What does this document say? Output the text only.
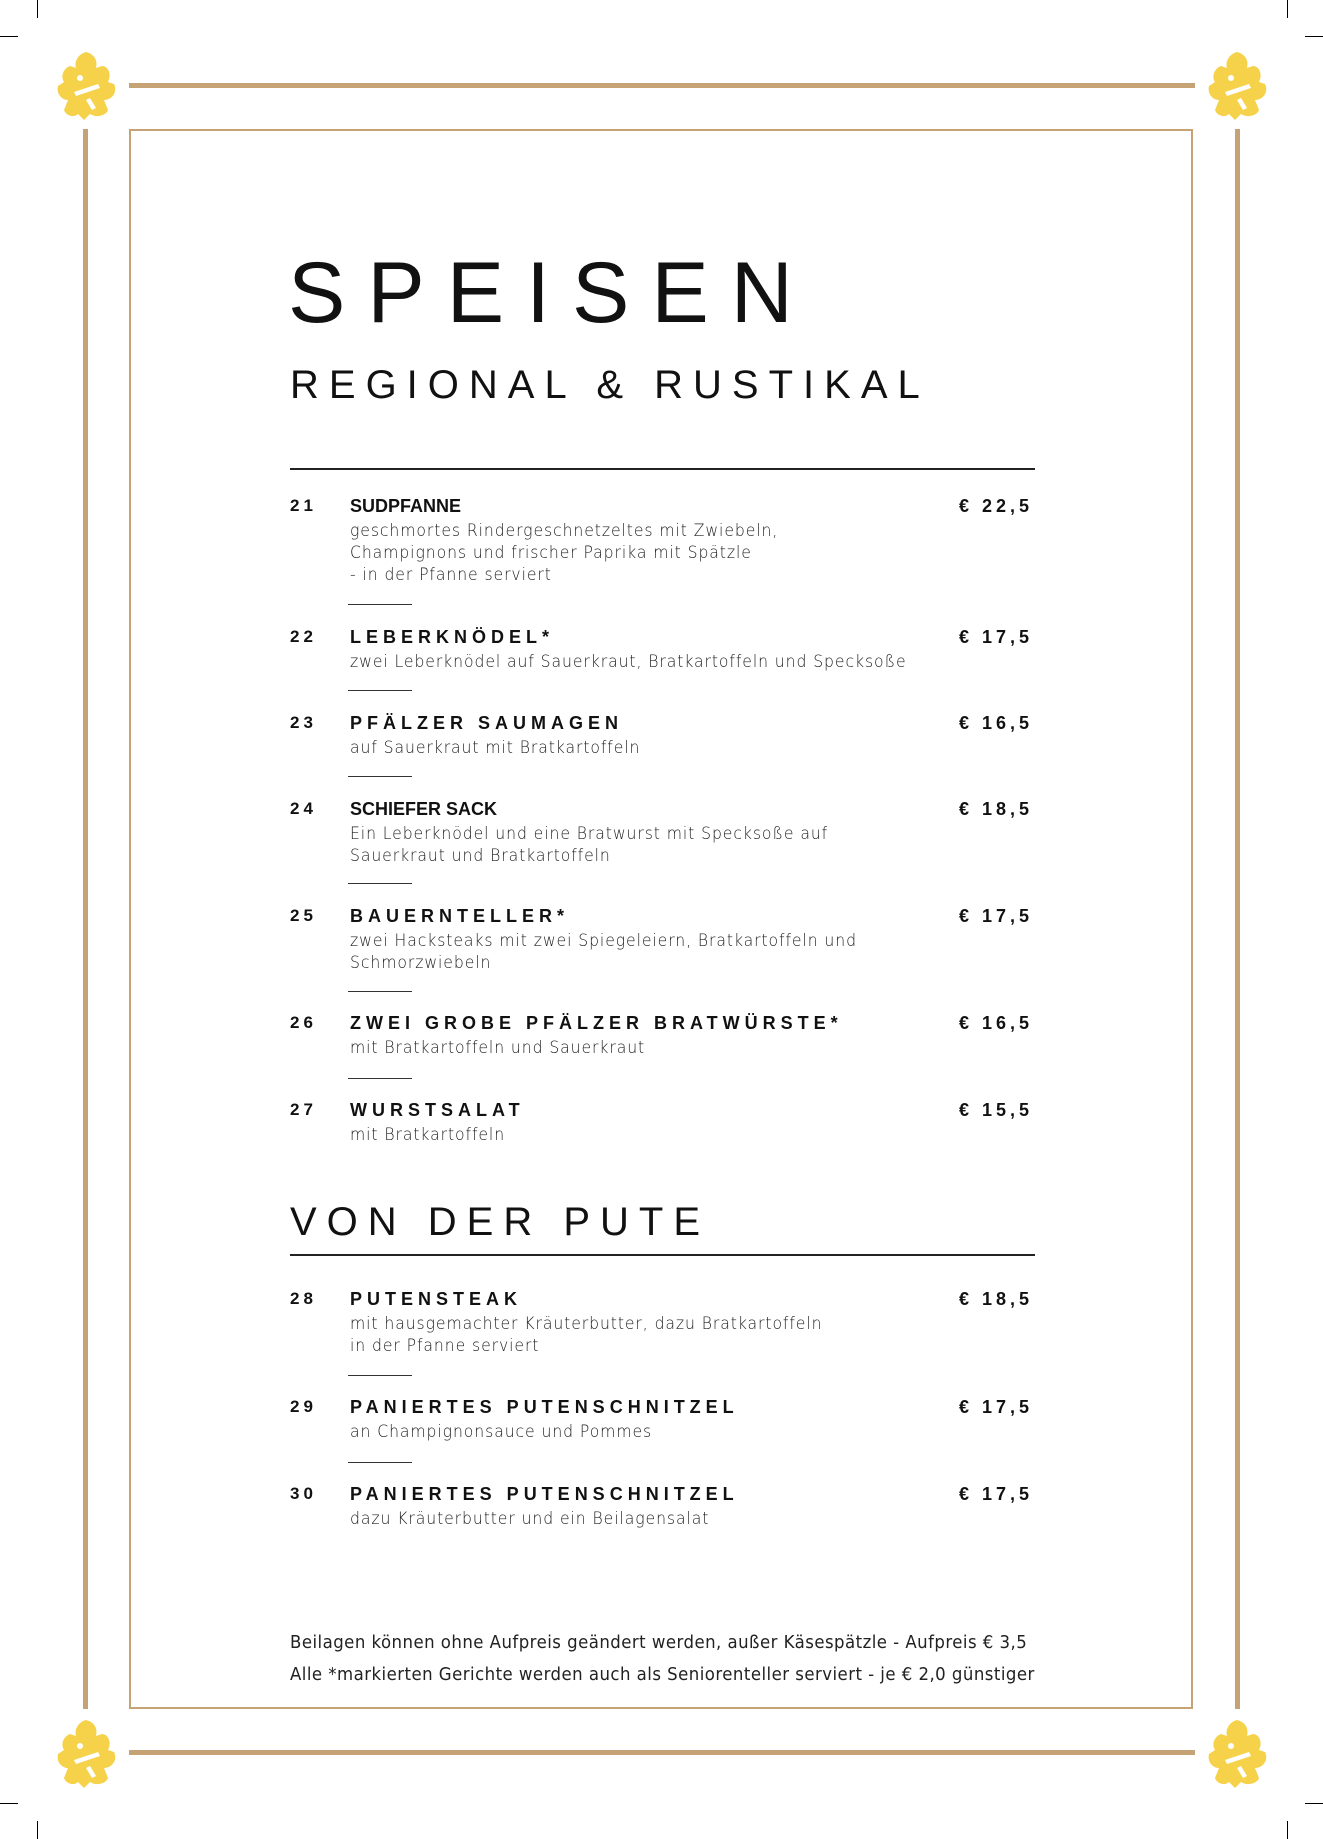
SPEISEN
REGIONAL & RUSTIKAL
21 SUDPFANNE	€ 22,5
geschmortes Rindergeschnetzeltes mit Zwiebeln,
Champignons und frischer Paprika mit Spätzle
- in der Pfanne serviert
22 LEBERKNÖDEL*	€ 17,5
zwei Leberknödel auf Sauerkraut, Bratkartoffeln und Specksoße
23 PFÄLZER SAUMAGEN	€ 16,5
auf Sauerkraut mit Bratkartoffeln
24 SCHIEFER SACK	€ 18,5
Ein Leberknödel und eine Bratwurst mit Specksoße auf
Sauerkraut und Bratkartoffeln
25 BAUERNTELLER*	€ 17,5
zwei Hacksteaks mit zwei Spiegeleiern, Bratkartoffeln und
Schmorzwiebeln
26 ZWEI GROBE PFÄLZER BRATWÜRSTE*	€ 16,5
mit Bratkartoffeln und Sauerkraut
27 WURSTSALAT	€ 15,5
mit Bratkartoffeln
VON DER PUTE
28 PUTENSTEAK	€ 18,5
mit hausgemachter Kräuterbutter, dazu Bratkartoffeln
in der Pfanne serviert
29 PANIERTES PUTENSCHNITZEL	€ 17,5
an Champignonsauce und Pommes
30 PANIERTES PUTENSCHNITZEL	€ 17,5
dazu Kräuterbutter und ein Beilagensalat
Beilagen können ohne Aufpreis geändert werden, außer Käsespätzle - Aufpreis € 3,5
Alle *markierten Gerichte werden auch als Seniorenteller serviert - je € 2,0 günstiger
